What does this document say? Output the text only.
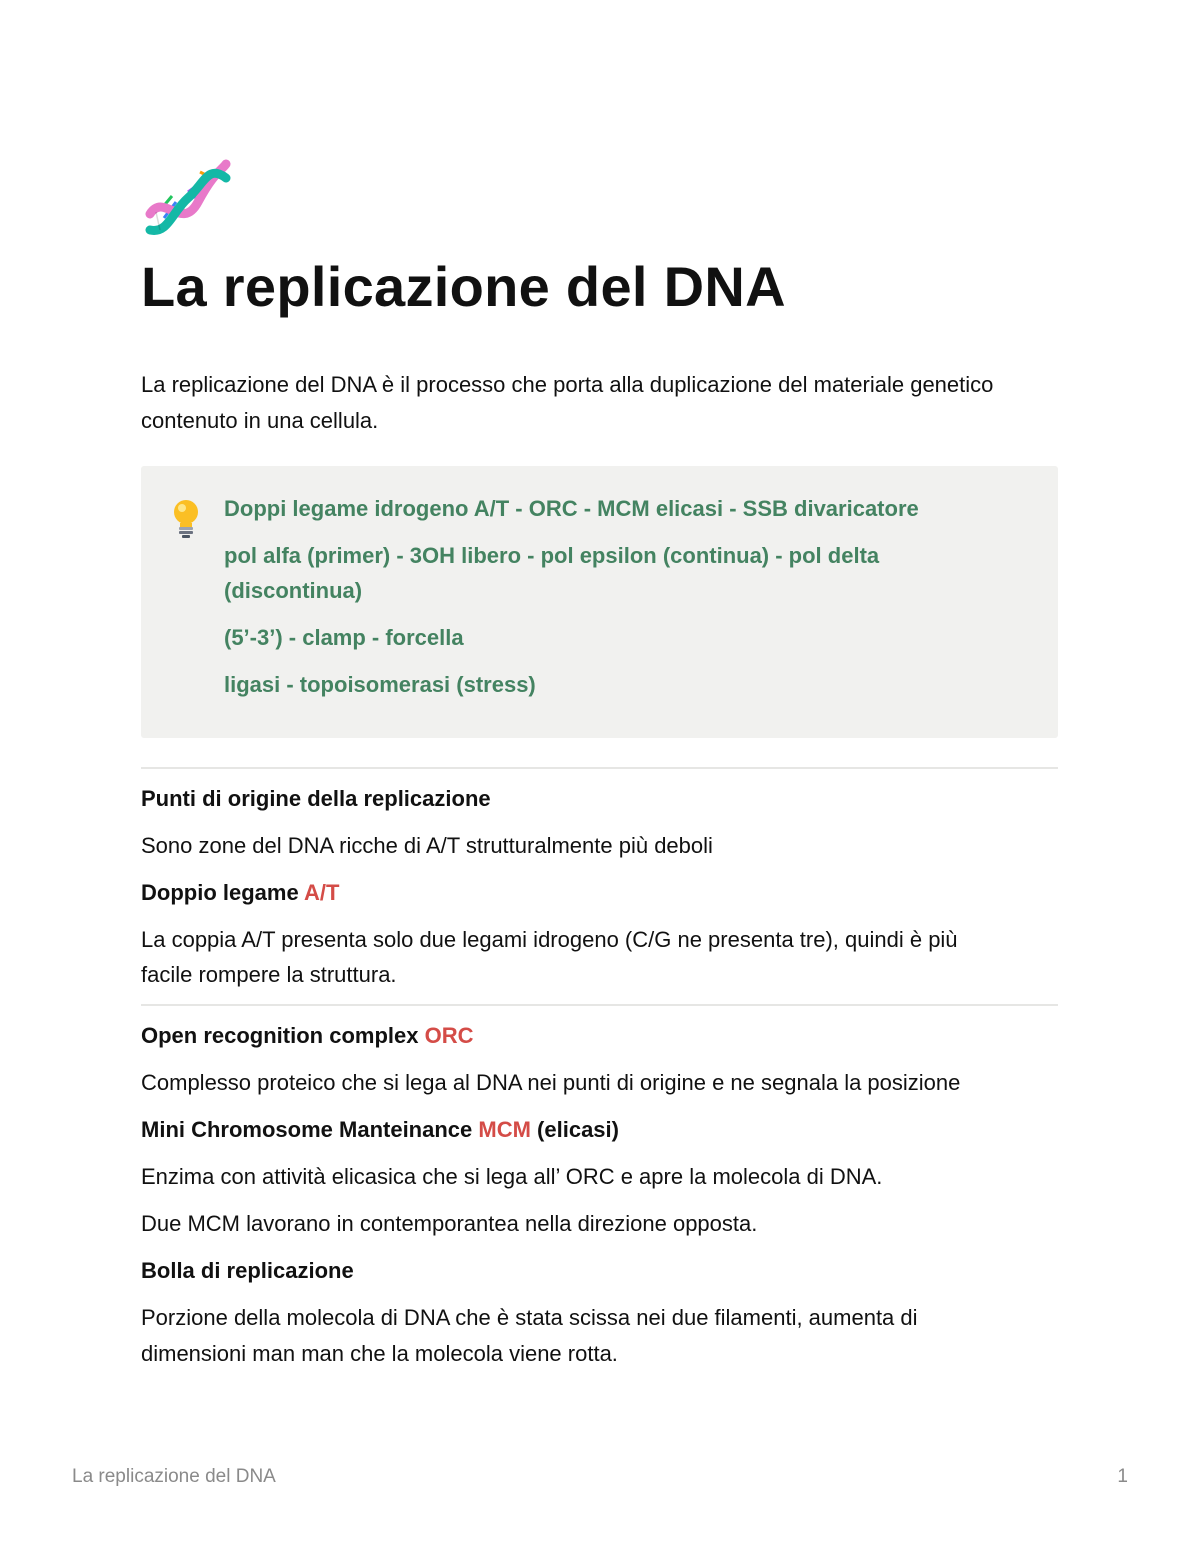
La replicazione del DNA

La replicazione del DNA è il processo che porta alla duplicazione del materiale genetico contenuto in una cellula.

Doppi legame idrogeno A/T - ORC - MCM elicasi - SSB divaricatore

pol alfa (primer) - 3OH libero - pol epsilon (continua) - pol delta

(discontinua)

(5’-3’) - clamp - forcella

ligasi - topoisomerasi (stress)

Punti di origine della replicazione

Sono zone del DNA ricche di A/T strutturalmente più deboli

Doppio legame A/T

La coppia A/T presenta solo due legami idrogeno (C/G ne presenta tre), quindi è più

facile rompere la struttura.

Open recognition complex ORC

Complesso proteico che si lega al DNA nei punti di origine e ne segnala la posizione

Mini Chromosome Manteinance MCM (elicasi)

Enzima con attività elicasica che si lega all’ ORC e apre la molecola di DNA.

Due MCM lavorano in contemporantea nella direzione opposta.

Bolla di replicazione

Porzione della molecola di DNA che è stata scissa nei due filamenti, aumenta di

dimensioni man man che la molecola viene rotta.

La replicazione del DNA	1
